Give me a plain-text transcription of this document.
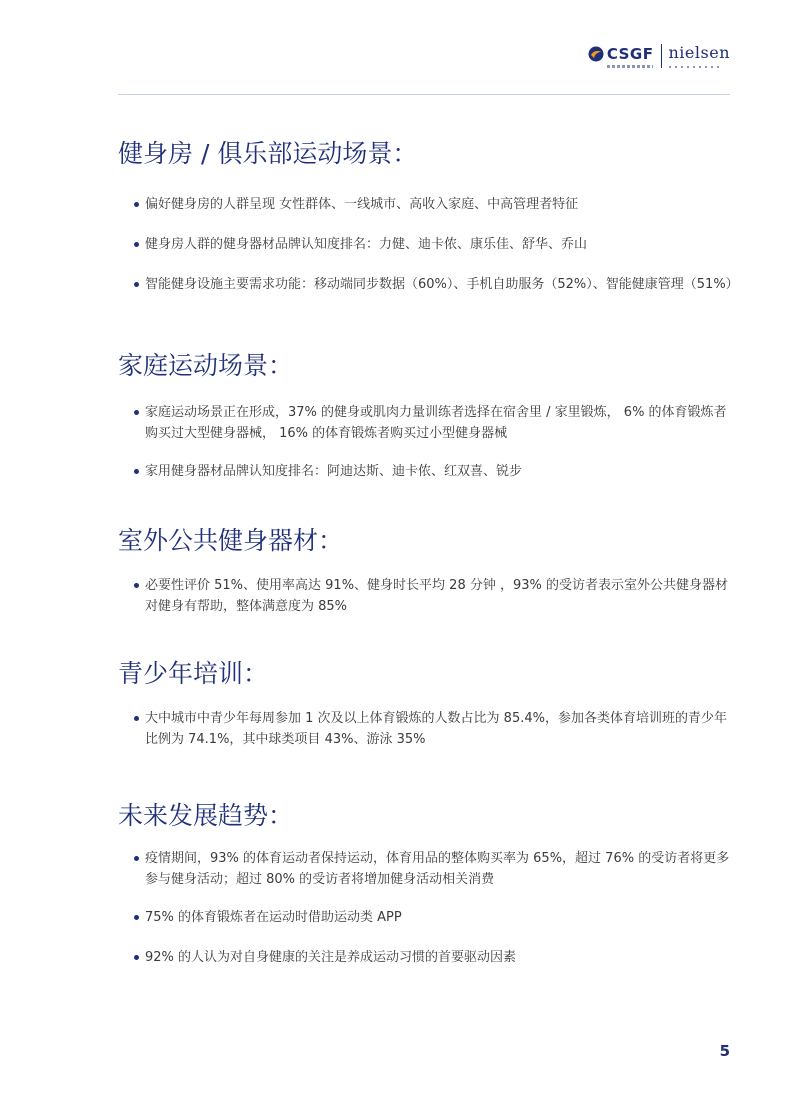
CSGF nielsen
健身房 / 俱乐部运动场景：
偏好健身房的人群呈现 女性群体、一线城市、高收入家庭、中高管理者特征
健身房人群的健身器材品牌认知度排名：力健、迪卡侬、康乐佳、舒华、乔山
智能健身设施主要需求功能：移动端同步数据（60%）、手机自助服务（52%）、智能健康管理（51%）
家庭运动场景：
家庭运动场景正在形成，37% 的健身或肌肉力量训练者选择在宿舍里 / 家里锻炼， 6% 的体育锻炼者购买过大型健身器械， 16% 的体育锻炼者购买过小型健身器械
家用健身器材品牌认知度排名：阿迪达斯、迪卡侬、红双喜、锐步
室外公共健身器材：
必要性评价 51%、使用率高达 91%、健身时长平均 28 分钟 ，93% 的受访者表示室外公共健身器材对健身有帮助，整体满意度为 85%
青少年培训：
大中城市中青少年每周参加 1 次及以上体育锻炼的人数占比为 85.4%，参加各类体育培训班的青少年比例为 74.1%，其中球类项目 43%、游泳 35%
未来发展趋势：
疫情期间，93% 的体育运动者保持运动，体育用品的整体购买率为 65%，超过 76% 的受访者将更多参与健身活动；超过 80% 的受访者将增加健身活动相关消费
75% 的体育锻炼者在运动时借助运动类 APP
92% 的人认为对自身健康的关注是养成运动习惯的首要驱动因素
5
